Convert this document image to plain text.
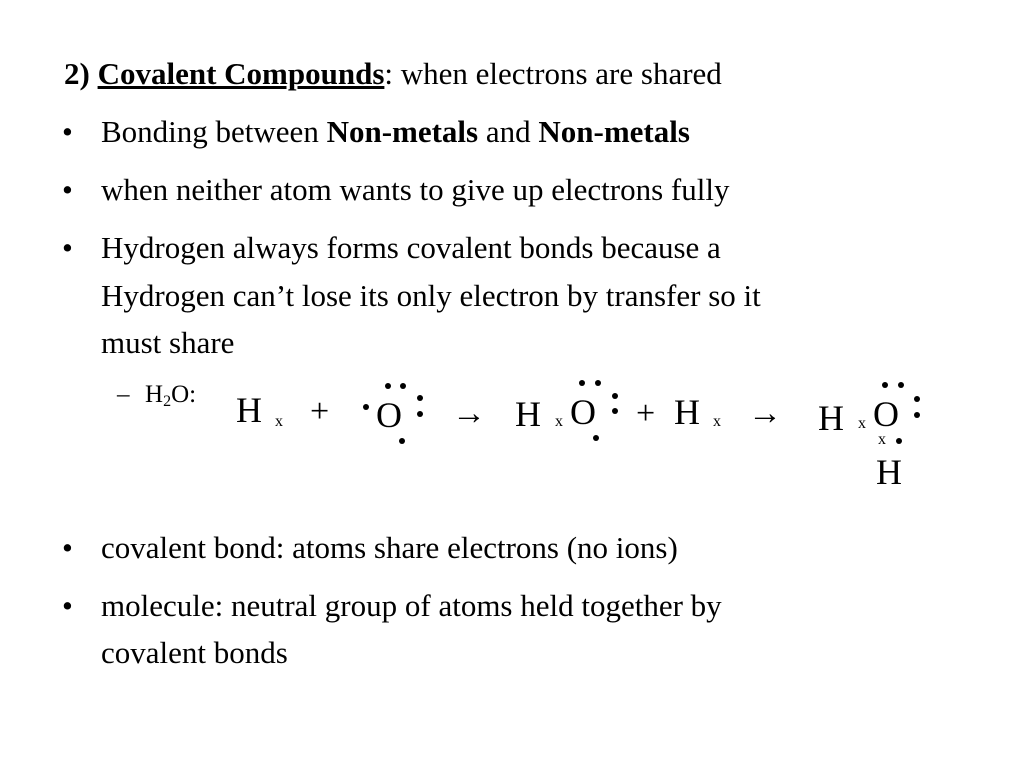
2) Covalent Compounds: when electrons are shared
• Bonding between Non-metals and Non-metals
• when neither atom wants to give up electrons fully
• Hydrogen always forms covalent bonds because a
Hydrogen can’t lose its only electron by transfer so it
must share
– $H_2O$: H x + O → H x O + H x → H x O
x
H
• covalent bond: atoms share electrons (no ions)
• molecule: neutral group of atoms held together by
covalent bonds
